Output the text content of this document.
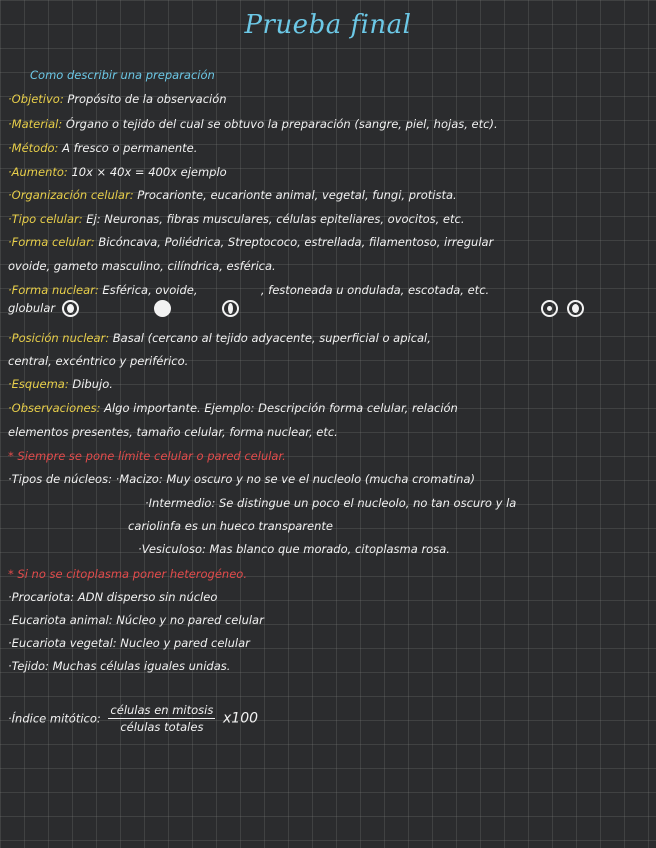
Prueba final
Como describir una preparación
·Objetivo: Propósito de la observación
·Material: Órgano o tejido del cual se obtuvo la preparación (sangre, piel, hojas, etc).
·Método: A fresco o permanente.
·Aumento: 10x × 40x = 400x ejemplo
·Organización celular: Procarionte, eucarionte animal, vegetal, fungi, protista.
·Tipo celular: Ej: Neuronas, fibras musculares, células epiteliares, ovocitos, etc.
·Forma celular: Bicóncava, Poliédrica, Streptococo, estrellada, filamentoso, irregular
ovoide, gameto masculino, cilíndrica, esférica.
·Forma nuclear: Esférica, ovoide,	, festoneada u ondulada, escotada, etc.
globular
·Posición nuclear: Basal (cercano al tejido adyacente, superficial o apical,
central, excéntrico y periférico.
·Esquema: Dibujo.
·Observaciones: Algo importante. Ejemplo: Descripción forma celular, relación
elementos presentes, tamaño celular, forma nuclear, etc.
* Siempre se pone límite celular o pared celular.
·Tipos de núcleos: ·Macizo: Muy oscuro y no se ve el nucleolo (mucha cromatina)
·Intermedio: Se distingue un poco el nucleolo, no tan oscuro y la
cariolinfa es un hueco transparente
·Vesiculoso: Mas blanco que morado, citoplasma rosa.
* Si no se citoplasma poner heterogéneo.
·Procariota: ADN disperso sin núcleo
·Eucariota animal: Núcleo y no pared celular
·Eucariota vegetal: Nucleo y pared celular
·Tejido: Muchas células iguales unidas.
·Índice mitótico: $\frac{\text{células en mitosis}}{\text{células totales}} x100$
